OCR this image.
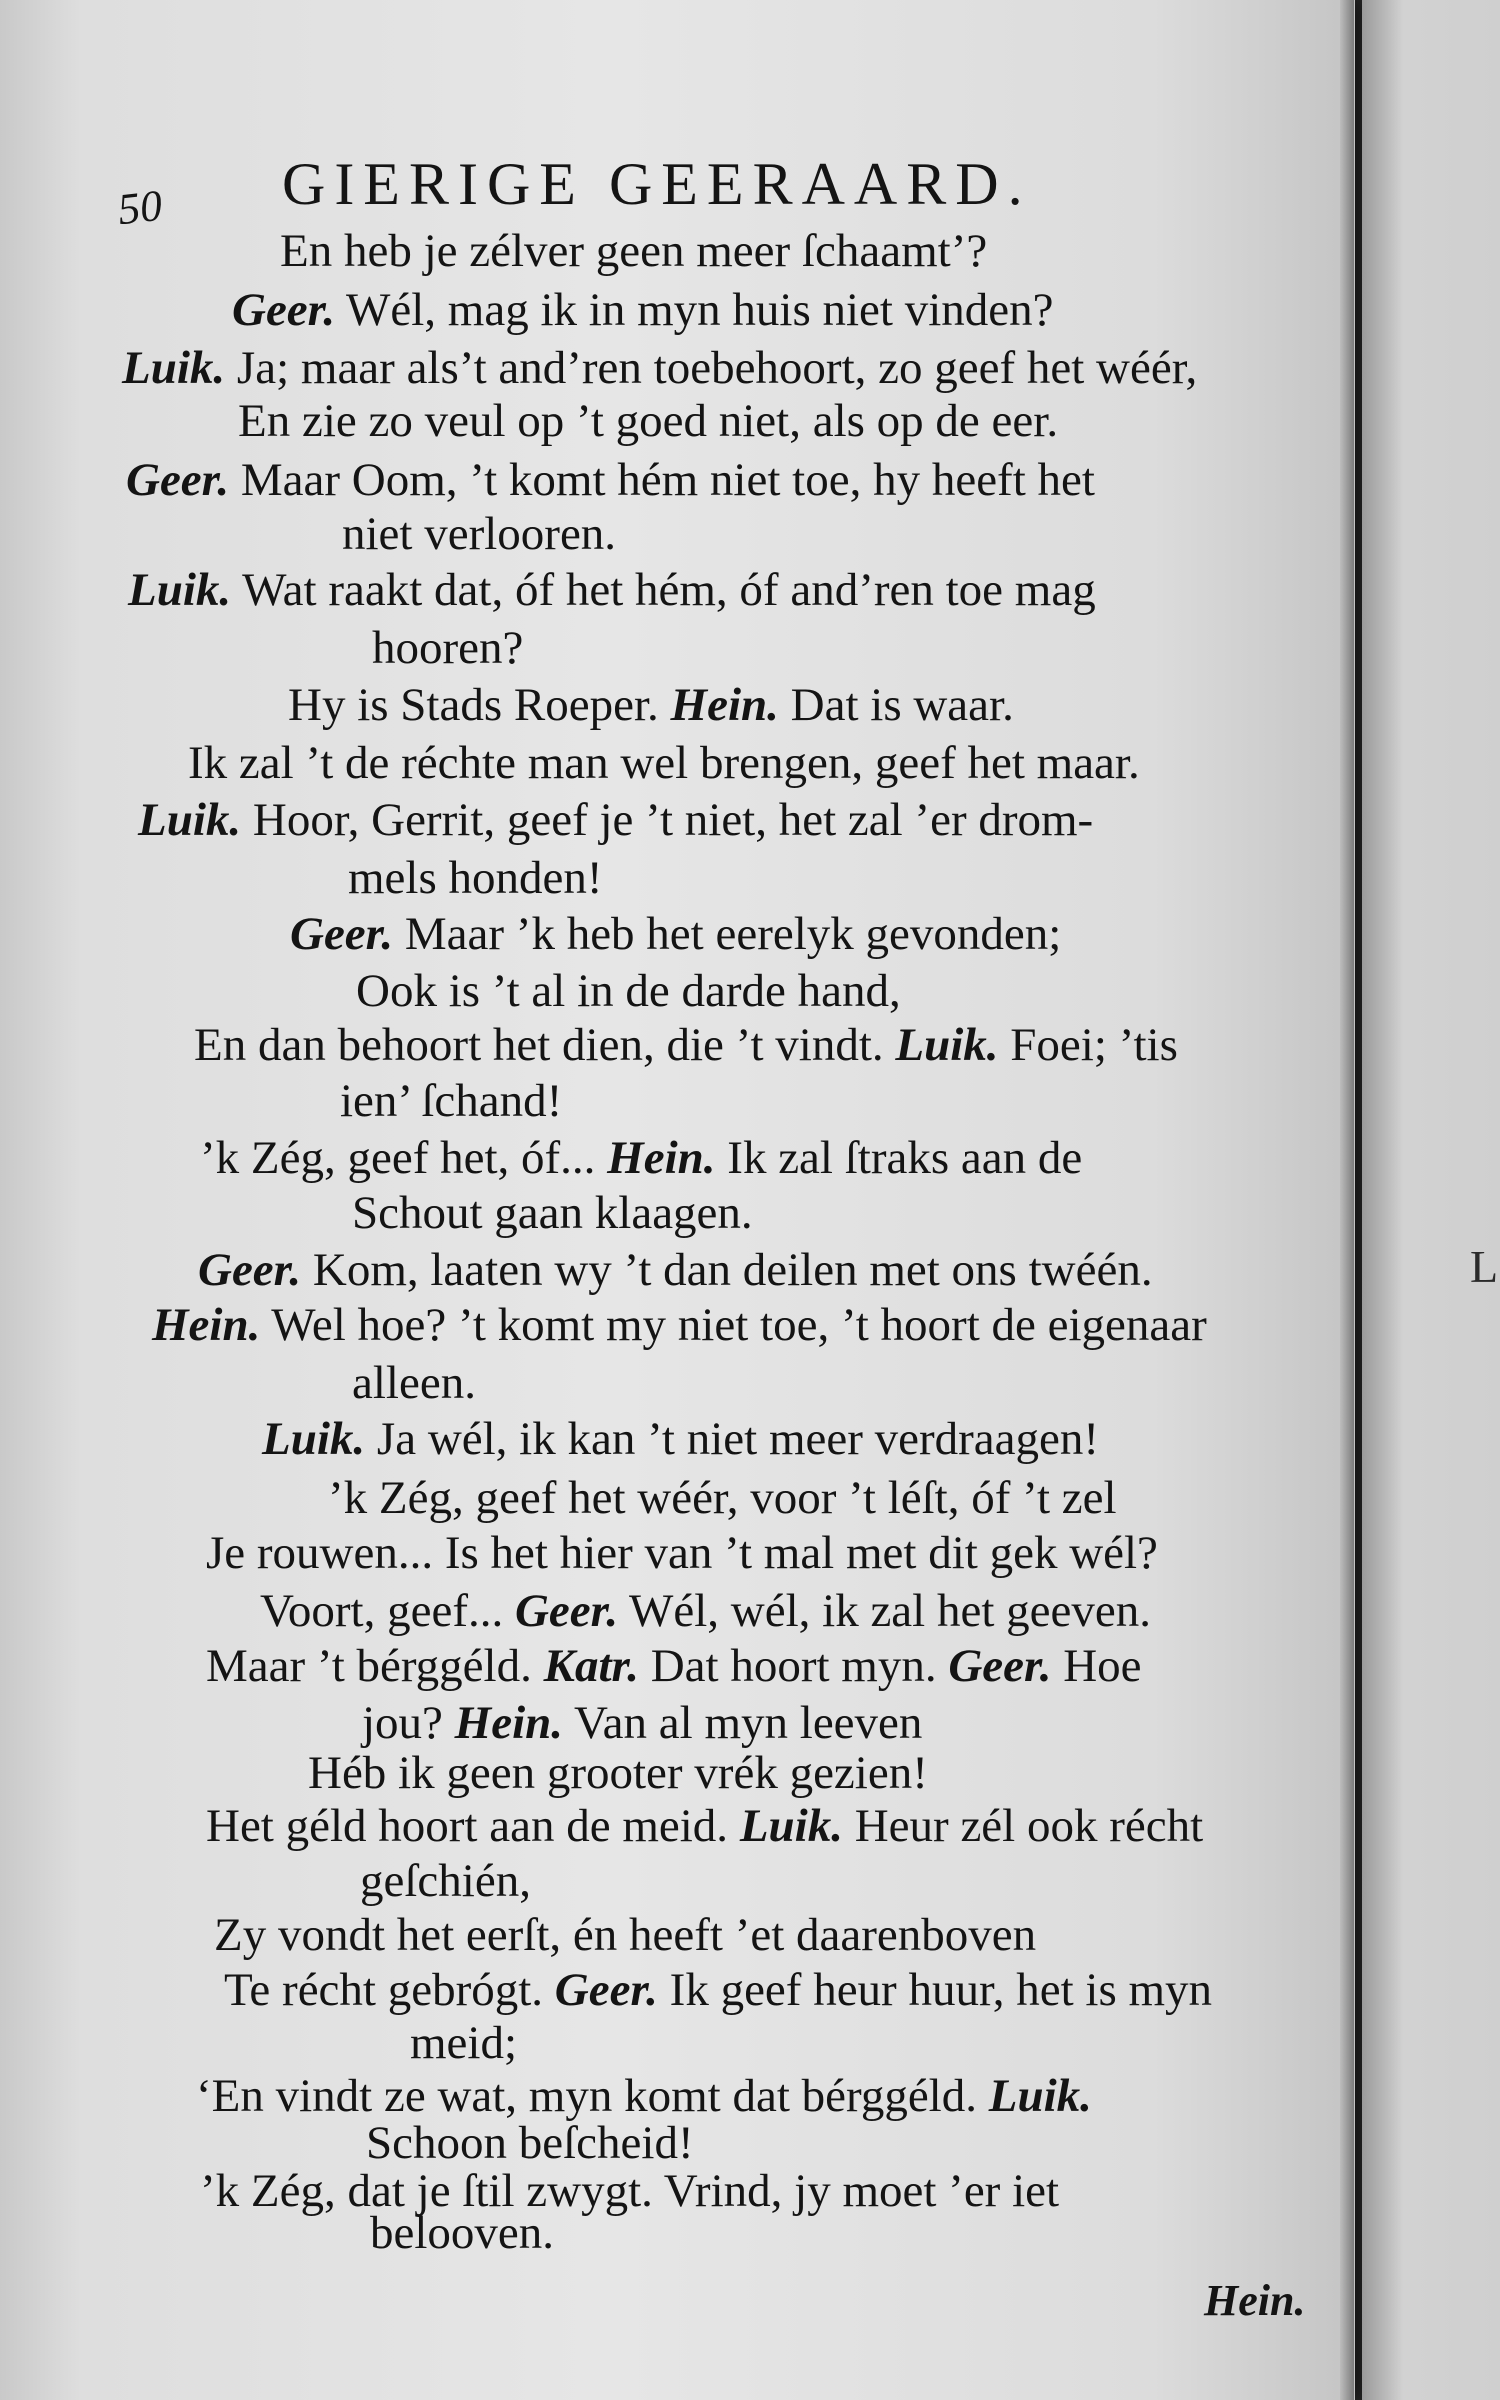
50 GIERIGE GEERAARD.
En heb je zélver geen meer ſchaamt’?
Geer. Wél, mag ik in myn huis niet vinden?
Luik. Ja; maar als’t and’ren toebehoort, zo geef het wéér,
En zie zo veul op ’t goed niet, als op de eer.
Geer. Maar Oom, ’t komt hém niet toe, hy heeft het
niet verlooren.
Luik. Wat raakt dat, óf het hém, óf and’ren toe mag
hooren?
Hy is Stads Roeper. Hein. Dat is waar.
Ik zal ’t de réchte man wel brengen, geef het maar.
Luik. Hoor, Gerrit, geef je ’t niet, het zal ’er drom-
mels honden!
Geer. Maar ’k heb het eerelyk gevonden;
Ook is ’t al in de darde hand,
En dan behoort het dien, die ’t vindt. Luik. Foei; ’tis
ien’ ſchand!
’k Zég, geef het, óf... Hein. Ik zal ſtraks aan de
Schout gaan klaagen.
Geer. Kom, laaten wy ’t dan deilen met ons twéén.
Hein. Wel hoe? ’t komt my niet toe, ’t hoort de eigenaar
alleen.
Luik. Ja wél, ik kan ’t niet meer verdraagen!
’k Zég, geef het wéér, voor ’t léſt, óf ’t zel
Je rouwen... Is het hier van ’t mal met dit gek wél?
Voort, geef... Geer. Wél, wél, ik zal het geeven.
Maar ’t bérggéld. Katr. Dat hoort myn. Geer. Hoe
jou? Hein. Van al myn leeven
Héb ik geen grooter vrék gezien!
Het géld hoort aan de meid. Luik. Heur zél ook récht
geſchién,
Zy vondt het eerſt, én heeft ’et daarenboven
Te récht gebrógt. Geer. Ik geef heur huur, het is myn
meid;
‘En vindt ze wat, myn komt dat bérggéld. Luik.
Schoon beſcheid!
’k Zég, dat je ſtil zwygt. Vrind, jy moet ’er iet
belooven.
Hein.
L
